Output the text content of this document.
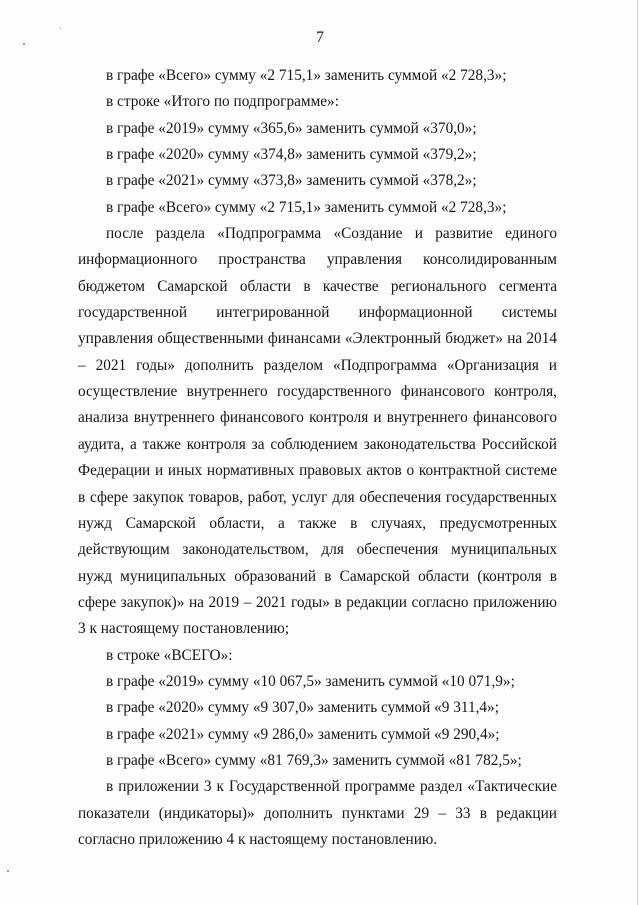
7

в графе «Всего» сумму «2 715,1» заменить суммой «2 728,3»;

в строке «Итого по подпрограмме»:

в графе «2019» сумму «365,6» заменить суммой «370,0»;

в графе «2020» сумму «374,8» заменить суммой «379,2»;

в графе «2021» сумму «373,8» заменить суммой «378,2»;

в графе «Всего» сумму «2 715,1» заменить суммой «2 728,3»;

после раздела «Подпрограмма «Создание и развитие единого информационного пространства управления консолидированным бюджетом Самарской области в качестве регионального сегмента государственной интегрированной информационной системы управления общественными финансами «Электронный бюджет» на 2014 – 2021 годы» дополнить разделом «Подпрограмма «Организация и осуществление внутреннего государственного финансового контроля, анализа внутреннего финансового контроля и внутреннего финансового аудита, а также контроля за соблюдением законодательства Российской Федерации и иных нормативных правовых актов о контрактной системе в сфере закупок товаров, работ, услуг для обеспечения государственных нужд Самарской области, а также в случаях, предусмотренных действующим законодательством, для обеспечения муниципальных нужд муниципальных образований в Самарской области (контроля в сфере закупок)» на 2019 – 2021 годы» в редакции согласно приложению 3 к настоящему постановлению;

в строке «ВСЕГО»:

в графе «2019» сумму «10 067,5» заменить суммой «10 071,9»;

в графе «2020» сумму «9 307,0» заменить суммой «9 311,4»;

в графе «2021» сумму «9 286,0» заменить суммой «9 290,4»;

в графе «Всего» сумму «81 769,3» заменить суммой «81 782,5»;

в приложении 3 к Государственной программе раздел «Тактические показатели (индикаторы)» дополнить пунктами 29 – 33 в редакции согласно приложению 4 к настоящему постановлению.
